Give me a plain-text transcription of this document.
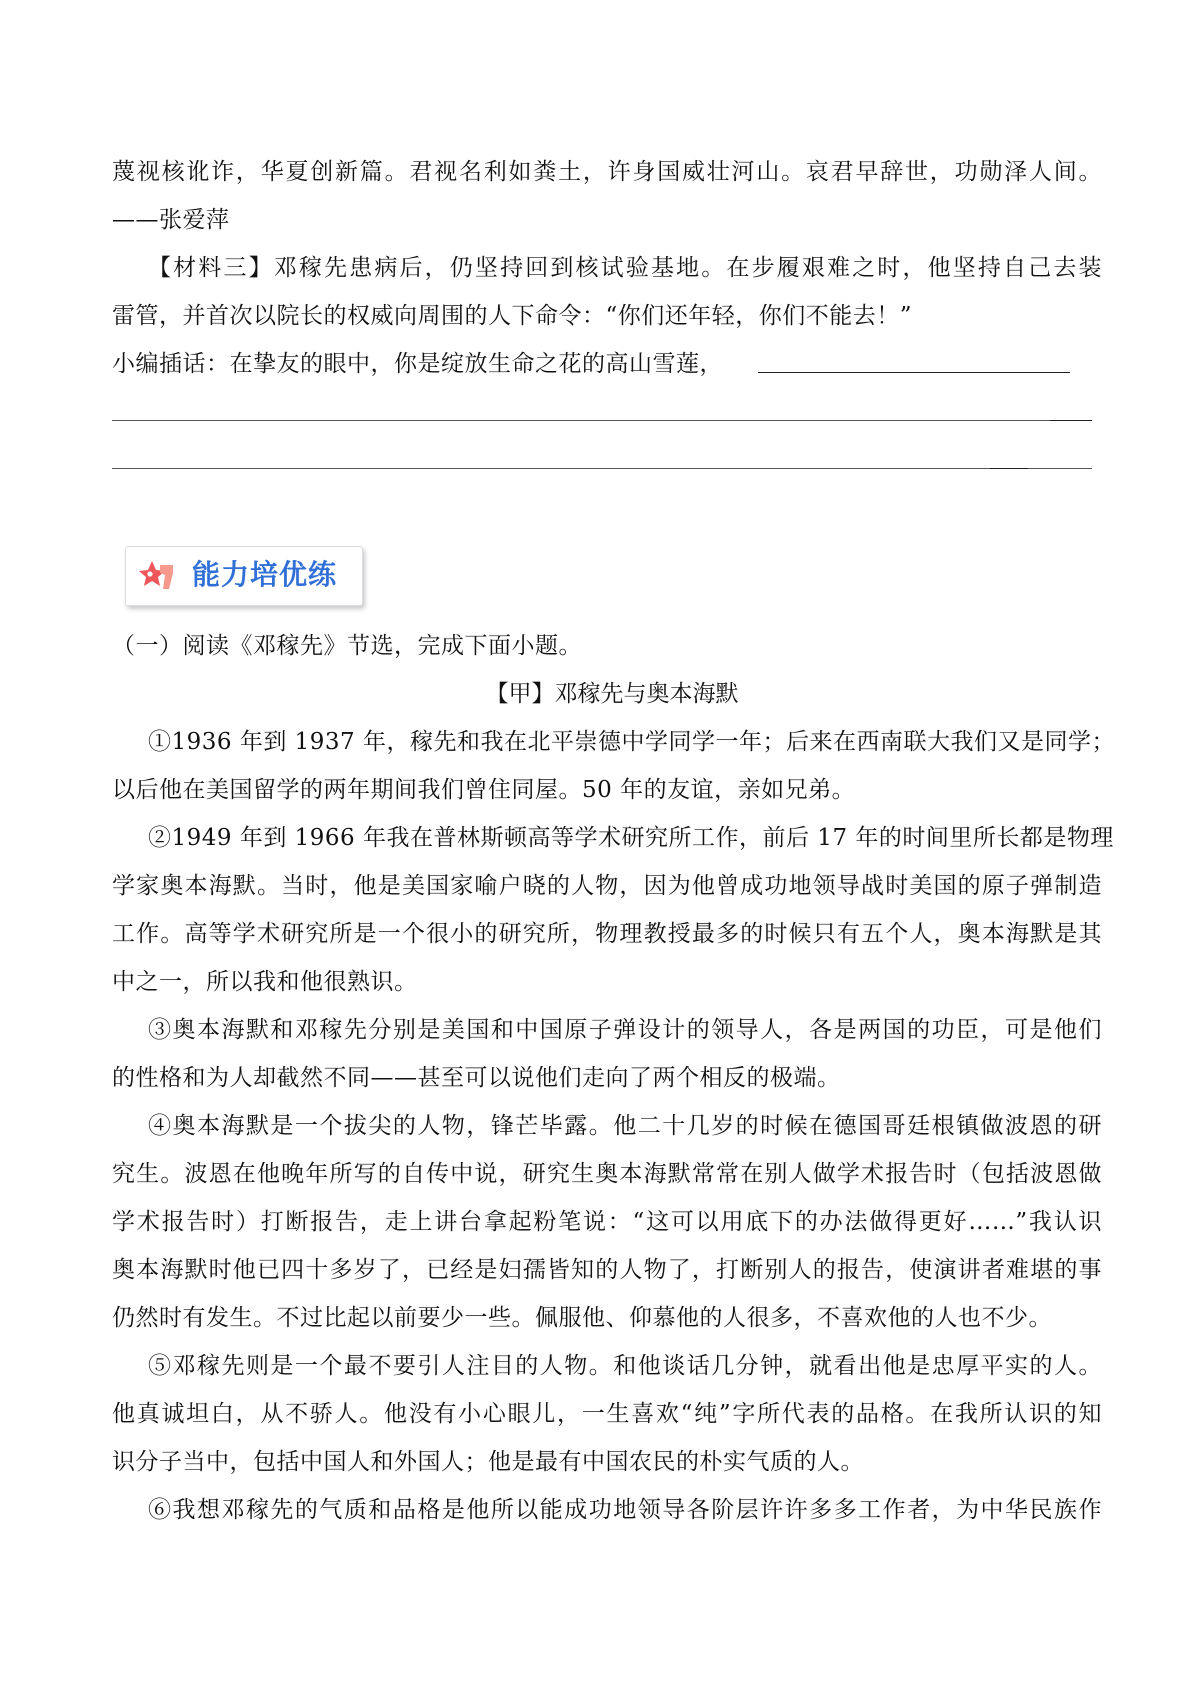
蔑视核讹诈，华夏创新篇。君视名利如粪土，许身国威壮河山。哀君早辞世，功勋泽人间。
——张爱萍
【材料三】邓稼先患病后，仍坚持回到核试验基地。在步履艰难之时，他坚持自己去装
雷管，并首次以院长的权威向周围的人下命令：“你们还年轻，你们不能去！”
小编插话：在挚友的眼中，你是绽放生命之花的高山雪莲，
能力培优练
（一）阅读《邓稼先》节选，完成下面小题。
【甲】邓稼先与奥本海默
①1936 年到 1937 年，稼先和我在北平崇德中学同学一年；后来在西南联大我们又是同学；
以后他在美国留学的两年期间我们曾住同屋。50 年的友谊，亲如兄弟。
②1949 年到 1966 年我在普林斯顿高等学术研究所工作，前后 17 年的时间里所长都是物理
学家奥本海默。当时，他是美国家喻户晓的人物，因为他曾成功地领导战时美国的原子弹制造
工作。高等学术研究所是一个很小的研究所，物理教授最多的时候只有五个人，奥本海默是其
中之一，所以我和他很熟识。
③奥本海默和邓稼先分别是美国和中国原子弹设计的领导人，各是两国的功臣，可是他们
的性格和为人却截然不同——甚至可以说他们走向了两个相反的极端。
④奥本海默是一个拔尖的人物，锋芒毕露。他二十几岁的时候在德国哥廷根镇做波恩的研
究生。波恩在他晚年所写的自传中说，研究生奥本海默常常在别人做学术报告时（包括波恩做
学术报告时）打断报告，走上讲台拿起粉笔说：“这可以用底下的办法做得更好……”我认识
奥本海默时他已四十多岁了，已经是妇孺皆知的人物了，打断别人的报告，使演讲者难堪的事
仍然时有发生。不过比起以前要少一些。佩服他、仰慕他的人很多，不喜欢他的人也不少。
⑤邓稼先则是一个最不要引人注目的人物。和他谈话几分钟，就看出他是忠厚平实的人。
他真诚坦白，从不骄人。他没有小心眼儿，一生喜欢“纯”字所代表的品格。在我所认识的知
识分子当中，包括中国人和外国人；他是最有中国农民的朴实气质的人。
⑥我想邓稼先的气质和品格是他所以能成功地领导各阶层许许多多工作者，为中华民族作
